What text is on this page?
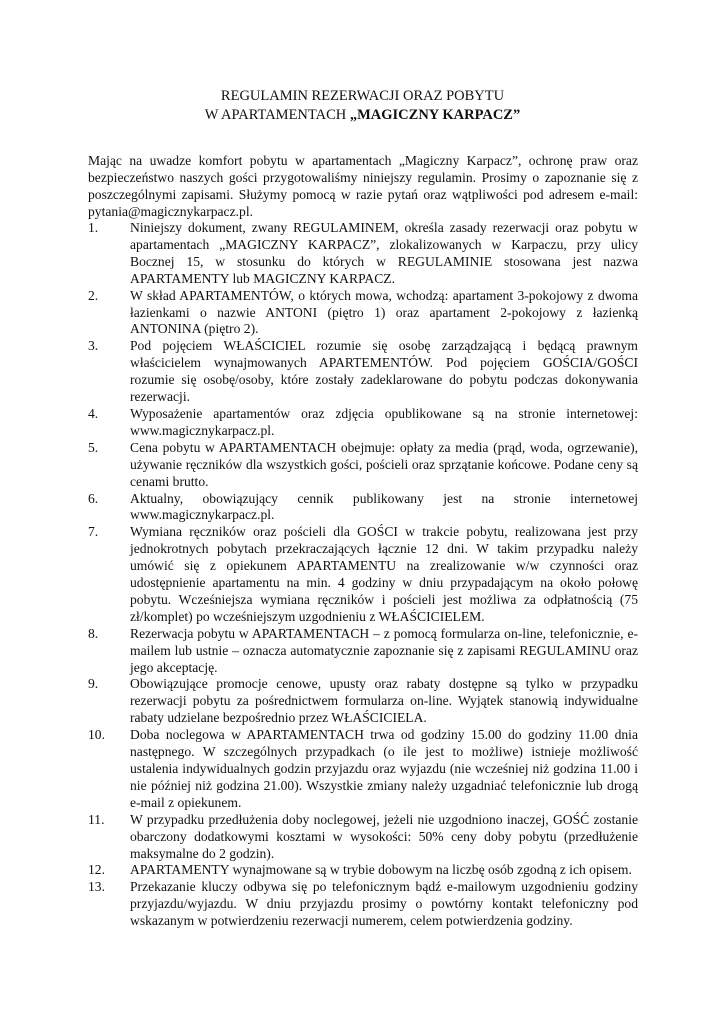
REGULAMIN REZERWACJI ORAZ POBYTU
W APARTAMENTACH „MAGICZNY KARPACZ”

Mając na uwadze komfort pobytu w apartamentach „Magiczny Karpacz”, ochronę praw oraz bezpieczeństwo naszych gości przygotowaliśmy niniejszy regulamin. Prosimy o zapoznanie się z poszczególnymi zapisami. Służymy pomocą w razie pytań oraz wątpliwości pod adresem e-mail: pytania@magicznykarpacz.pl.

1.	Niniejszy dokument, zwany REGULAMINEM, określa zasady rezerwacji oraz pobytu w apartamentach „MAGICZNY KARPACZ”, zlokalizowanych w Karpaczu, przy ulicy Bocznej 15, w stosunku do których w REGULAMINIE stosowana jest nazwa APARTAMENTY lub MAGICZNY KARPACZ.
2.	W skład APARTAMENTÓW, o których mowa, wchodzą: apartament 3-pokojowy z dwoma łazienkami o nazwie ANTONI (piętro 1) oraz apartament 2-pokojowy z łazienką ANTONINA (piętro 2).
3.	Pod pojęciem WŁAŚCICIEL rozumie się osobę zarządzającą i będącą prawnym właścicielem wynajmowanych APARTEMENTÓW. Pod pojęciem GOŚCIA/GOŚCI rozumie się osobę/osoby, które zostały zadeklarowane do pobytu podczas dokonywania rezerwacji.
4.	Wyposażenie apartamentów oraz zdjęcia opublikowane są na stronie internetowej: www.magicznykarpacz.pl.
5.	Cena pobytu w APARTAMENTACH obejmuje: opłaty za media (prąd, woda, ogrzewanie), używanie ręczników dla wszystkich gości, pościeli oraz sprzątanie końcowe. Podane ceny są cenami brutto.
6.	Aktualny, obowiązujący cennik publikowany jest na stronie internetowej www.magicznykarpacz.pl.
7.	Wymiana ręczników oraz pościeli dla GOŚCI w trakcie pobytu, realizowana jest przy jednokrotnych pobytach przekraczających łącznie 12 dni. W takim przypadku należy umówić się z opiekunem APARTAMENTU na zrealizowanie w/w czynności oraz udostępnienie apartamentu na min. 4 godziny w dniu przypadającym na około połowę pobytu. Wcześniejsza wymiana ręczników i pościeli jest możliwa za odpłatnością (75 zł/komplet) po wcześniejszym uzgodnieniu z WŁAŚCICIELEM.
8.	Rezerwacja pobytu w APARTAMENTACH – z pomocą formularza on-line, telefonicznie, e-mailem lub ustnie – oznacza automatycznie zapoznanie się z zapisami REGULAMINU oraz jego akceptację.
9.	Obowiązujące promocje cenowe, upusty oraz rabaty dostępne są tylko w przypadku rezerwacji pobytu za pośrednictwem formularza on-line. Wyjątek stanowią indywidualne rabaty udzielane bezpośrednio przez WŁAŚCICIELA.
10.	Doba noclegowa w APARTAMENTACH trwa od godziny 15.00 do godziny 11.00 dnia następnego. W szczególnych przypadkach (o ile jest to możliwe) istnieje możliwość ustalenia indywidualnych godzin przyjazdu oraz wyjazdu (nie wcześniej niż godzina 11.00 i nie później niż godzina 21.00). Wszystkie zmiany należy uzgadniać telefonicznie lub drogą e-mail z opiekunem.
11.	W przypadku przedłużenia doby noclegowej, jeżeli nie uzgodniono inaczej, GOŚĆ zostanie obarczony dodatkowymi kosztami w wysokości: 50% ceny doby pobytu (przedłużenie maksymalne do 2 godzin).
12.	APARTAMENTY wynajmowane są w trybie dobowym na liczbę osób zgodną z ich opisem.
13.	Przekazanie kluczy odbywa się po telefonicznym bądź e-mailowym uzgodnieniu godziny przyjazdu/wyjazdu. W dniu przyjazdu prosimy o powtórny kontakt telefoniczny pod wskazanym w potwierdzeniu rezerwacji numerem, celem potwierdzenia godziny.
